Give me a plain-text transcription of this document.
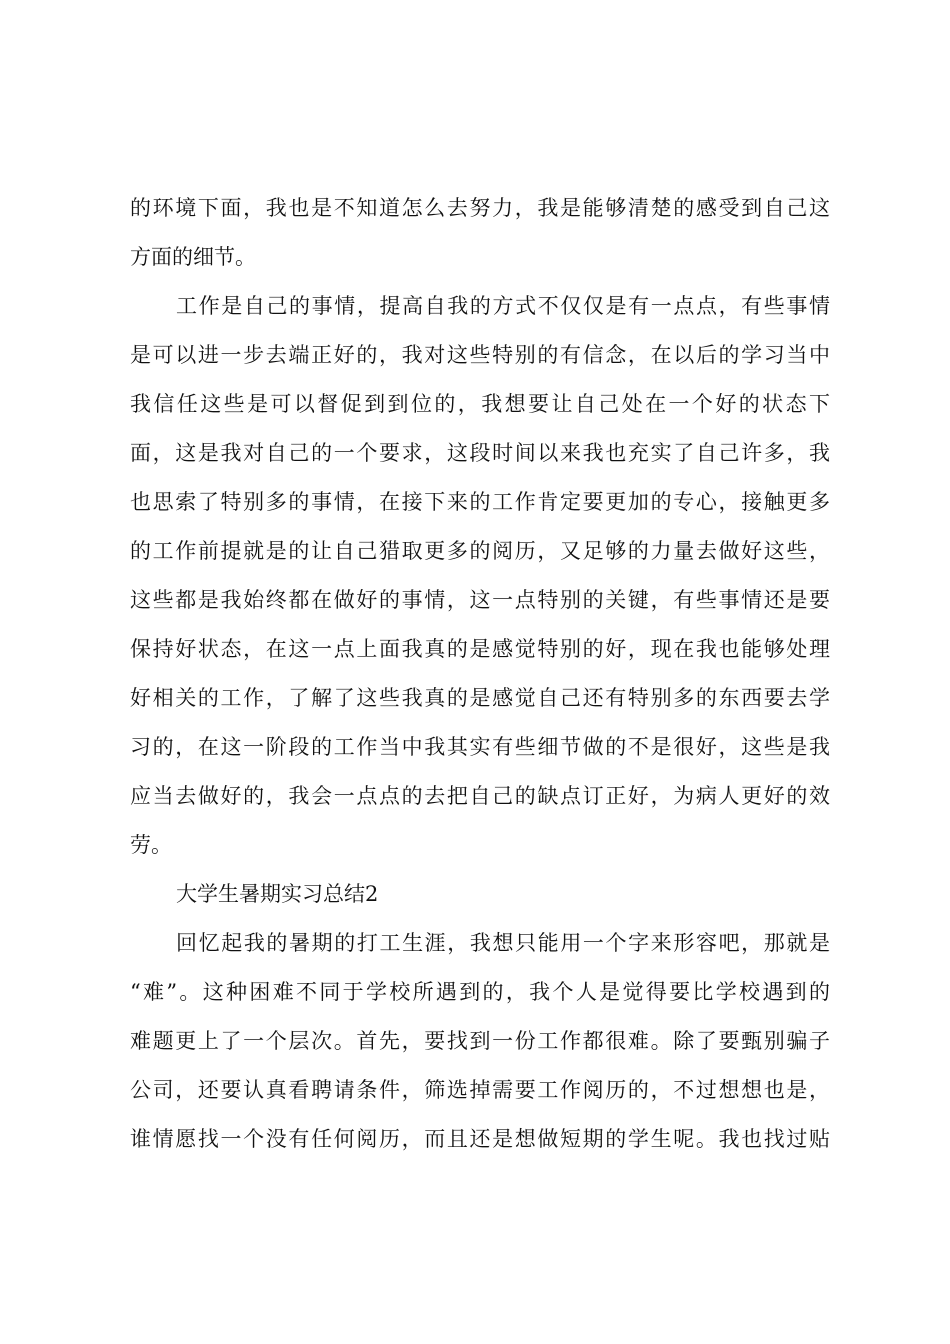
的环境下面，我也是不知道怎么去努力，我是能够清楚的感受到自己这
方面的细节。
工作是自己的事情，提高自我的方式不仅仅是有一点点，有些事情
是可以进一步去端正好的，我对这些特别的有信念，在以后的学习当中
我信任这些是可以督促到到位的，我想要让自己处在一个好的状态下
面，这是我对自己的一个要求，这段时间以来我也充实了自己许多，我
也思索了特别多的事情，在接下来的工作肯定要更加的专心，接触更多
的工作前提就是的让自己猎取更多的阅历，又足够的力量去做好这些，
这些都是我始终都在做好的事情，这一点特别的关键，有些事情还是要
保持好状态，在这一点上面我真的是感觉特别的好，现在我也能够处理
好相关的工作，了解了这些我真的是感觉自己还有特别多的东西要去学
习的，在这一阶段的工作当中我其实有些细节做的不是很好，这些是我
应当去做好的，我会一点点的去把自己的缺点订正好，为病人更好的效
劳。
大学生暑期实习总结2
回忆起我的暑期的打工生涯，我想只能用一个字来形容吧，那就是
“难”。这种困难不同于学校所遇到的，我个人是觉得要比学校遇到的
难题更上了一个层次。首先，要找到一份工作都很难。除了要甄别骗子
公司，还要认真看聘请条件，筛选掉需要工作阅历的，不过想想也是，
谁情愿找一个没有任何阅历，而且还是想做短期的学生呢。我也找过贴
